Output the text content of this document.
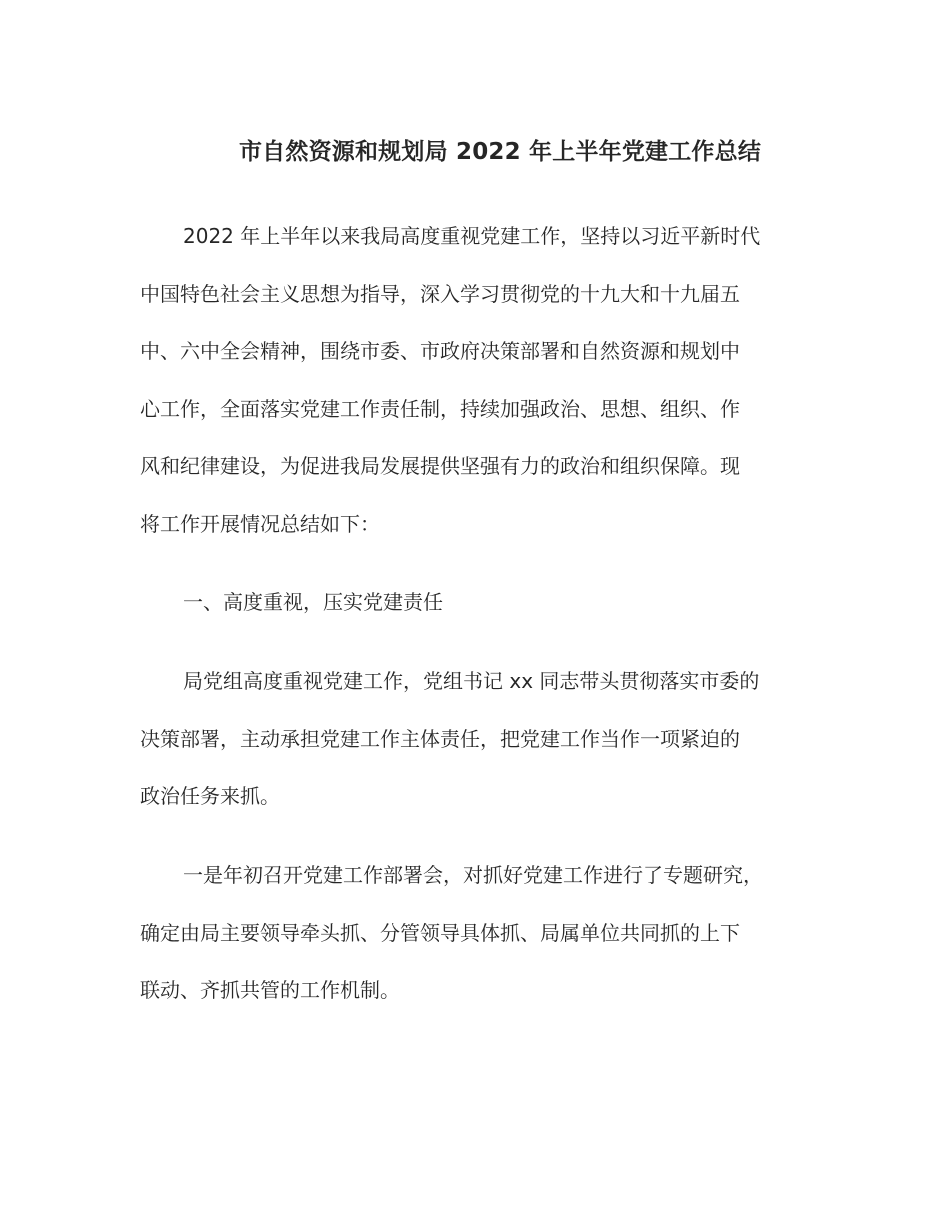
市自然资源和规划局 2022 年上半年党建工作总结
2022 年上半年以来我局高度重视党建工作，坚持以习近平新时代
中国特色社会主义思想为指导，深入学习贯彻党的十九大和十九届五
中、六中全会精神，围绕市委、市政府决策部署和自然资源和规划中
心工作，全面落实党建工作责任制，持续加强政治、思想、组织、作
风和纪律建设，为促进我局发展提供坚强有力的政治和组织保障。现
将工作开展情况总结如下：
一、高度重视，压实党建责任
局党组高度重视党建工作，党组书记 xx 同志带头贯彻落实市委的
决策部署，主动承担党建工作主体责任，把党建工作当作一项紧迫的
政治任务来抓。
一是年初召开党建工作部署会，对抓好党建工作进行了专题研究，
确定由局主要领导牵头抓、分管领导具体抓、局属单位共同抓的上下
联动、齐抓共管的工作机制。
